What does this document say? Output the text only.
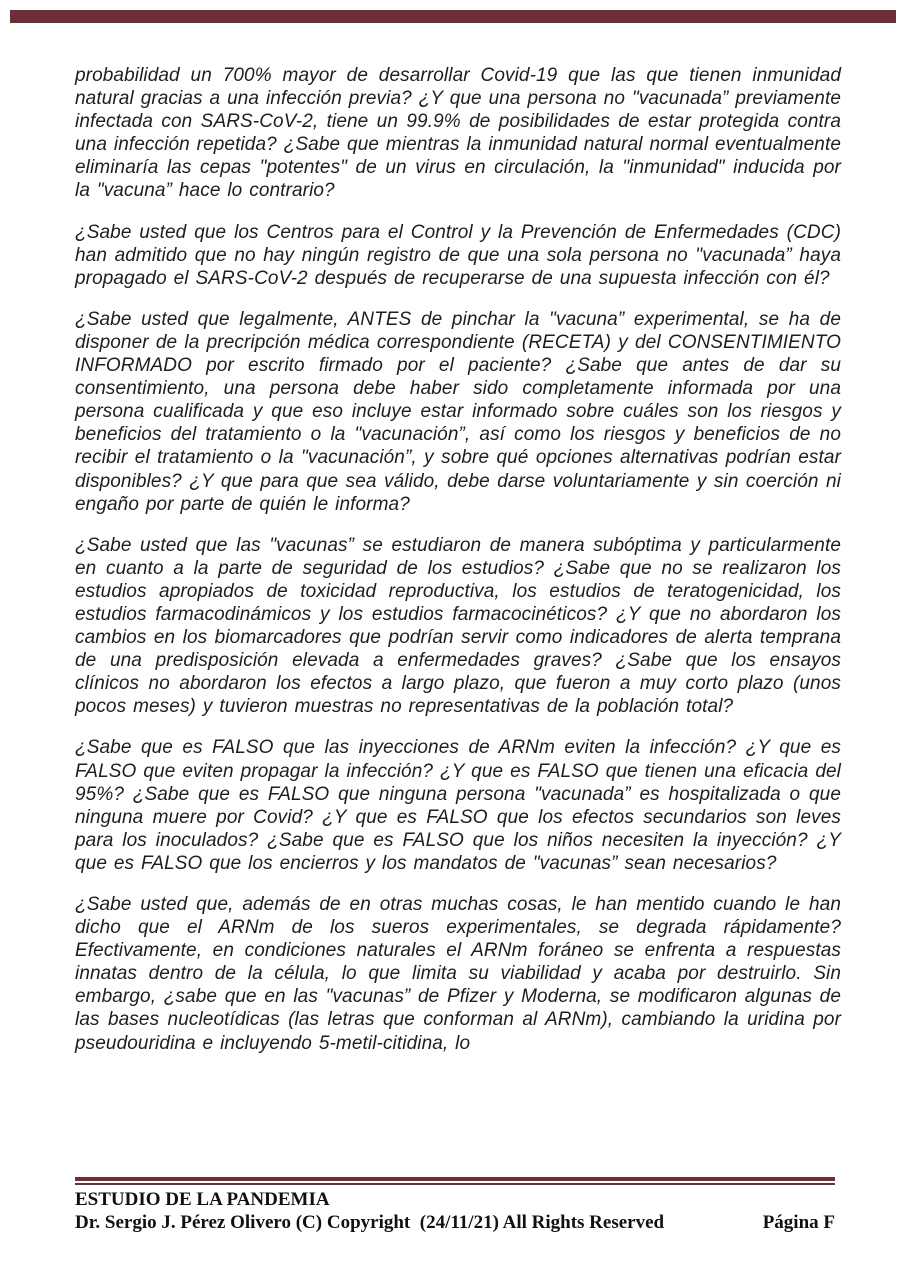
probabilidad un 700% mayor de desarrollar Covid-19 que las que tienen inmunidad natural gracias a una infección previa? ¿Y que una persona no "vacunada” previamente infectada con SARS-CoV-2, tiene un 99.9% de posibilidades de estar protegida contra una infección repetida? ¿Sabe que mientras la inmunidad natural normal eventualmente eliminaría las cepas "potentes" de un virus en circulación, la "inmunidad" inducida por la "vacuna” hace lo contrario?

¿Sabe usted que los Centros para el Control y la Prevención de Enfermedades (CDC) han admitido que no hay ningún registro de que una sola persona no "vacunada” haya propagado el SARS-CoV-2 después de recuperarse de una supuesta infección con él?

¿Sabe usted que legalmente, ANTES de pinchar la "vacuna” experimental, se ha de disponer de la precripción médica correspondiente (RECETA) y del CONSENTIMIENTO INFORMADO por escrito firmado por el paciente? ¿Sabe que antes de dar su consentimiento, una persona debe haber sido completamente informada por una persona cualificada y que eso incluye estar informado sobre cuáles son los riesgos y beneficios del tratamiento o la "vacunación”, así como los riesgos y beneficios de no recibir el tratamiento o la "vacunación”, y sobre qué opciones alternativas podrían estar disponibles? ¿Y que para que sea válido, debe darse voluntariamente y sin coerción ni engaño por parte de quién le informa?

¿Sabe usted que las "vacunas” se estudiaron de manera subóptima y particularmente en cuanto a la parte de seguridad de los estudios? ¿Sabe que no se realizaron los estudios apropiados de toxicidad reproductiva, los estudios de teratogenicidad, los estudios farmacodinámicos y los estudios farmacocinéticos? ¿Y que no abordaron los cambios en los biomarcadores que podrían servir como indicadores de alerta temprana de una predisposición elevada a enfermedades graves? ¿Sabe que los ensayos clínicos no abordaron los efectos a largo plazo, que fueron a muy corto plazo (unos pocos meses) y tuvieron muestras no representativas de la población total?

¿Sabe que es FALSO que las inyecciones de ARNm eviten la infección? ¿Y que es FALSO que eviten propagar la infección? ¿Y que es FALSO que tienen una eficacia del 95%? ¿Sabe que es FALSO que ninguna persona "vacunada” es hospitalizada o que ninguna muere por Covid? ¿Y que es FALSO que los efectos secundarios son leves para los inoculados? ¿Sabe que es FALSO que los niños necesiten la inyección? ¿Y que es FALSO que los encierros y los mandatos de "vacunas” sean necesarios?

¿Sabe usted que, además de en otras muchas cosas, le han mentido cuando le han dicho que el ARNm de los sueros experimentales, se degrada rápidamente? Efectivamente, en condiciones naturales el ARNm foráneo se enfrenta a respuestas innatas dentro de la célula, lo que limita su viabilidad y acaba por destruirlo. Sin embargo, ¿sabe que en las "vacunas” de Pfizer y Moderna, se modificaron algunas de las bases nucleotídicas (las letras que conforman al ARNm), cambiando la uridina por pseudouridina e incluyendo 5-metil-citidina, lo

ESTUDIO DE LA PANDEMIA
Dr. Sergio J. Pérez Olivero (C) Copyright  (24/11/21) All Rights Reserved	Página F
